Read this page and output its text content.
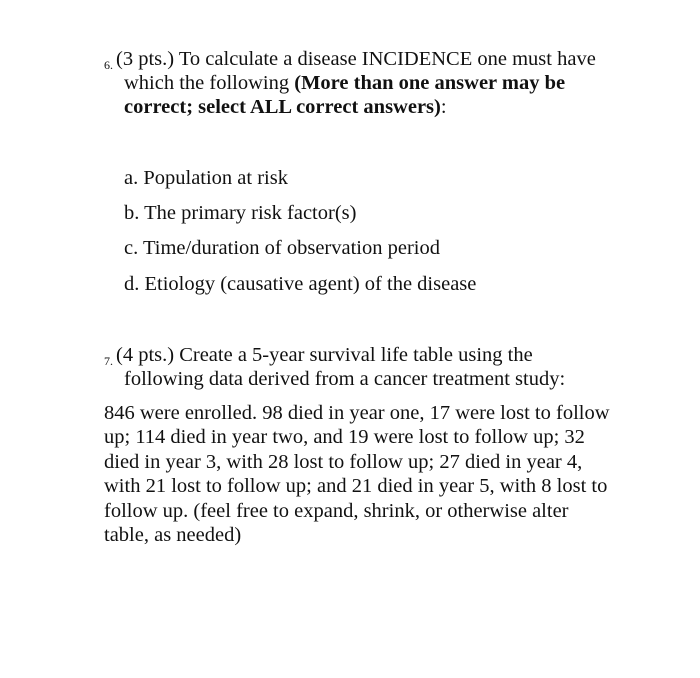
6. (3 pts.) To calculate a disease INCIDENCE one must have
which the following (More than one answer may be
correct; select ALL correct answers):
a. Population at risk
b. The primary risk factor(s)
c. Time/duration of observation period
d. Etiology (causative agent) of the disease
7. (4 pts.) Create a 5-year survival life table using the
following data derived from a cancer treatment study:
846 were enrolled. 98 died in year one, 17 were lost to follow
up; 114 died in year two, and 19 were lost to follow up; 32
died in year 3, with 28 lost to follow up; 27 died in year 4,
with 21 lost to follow up; and 21 died in year 5, with 8 lost to
follow up. (feel free to expand, shrink, or otherwise alter
table, as needed)
